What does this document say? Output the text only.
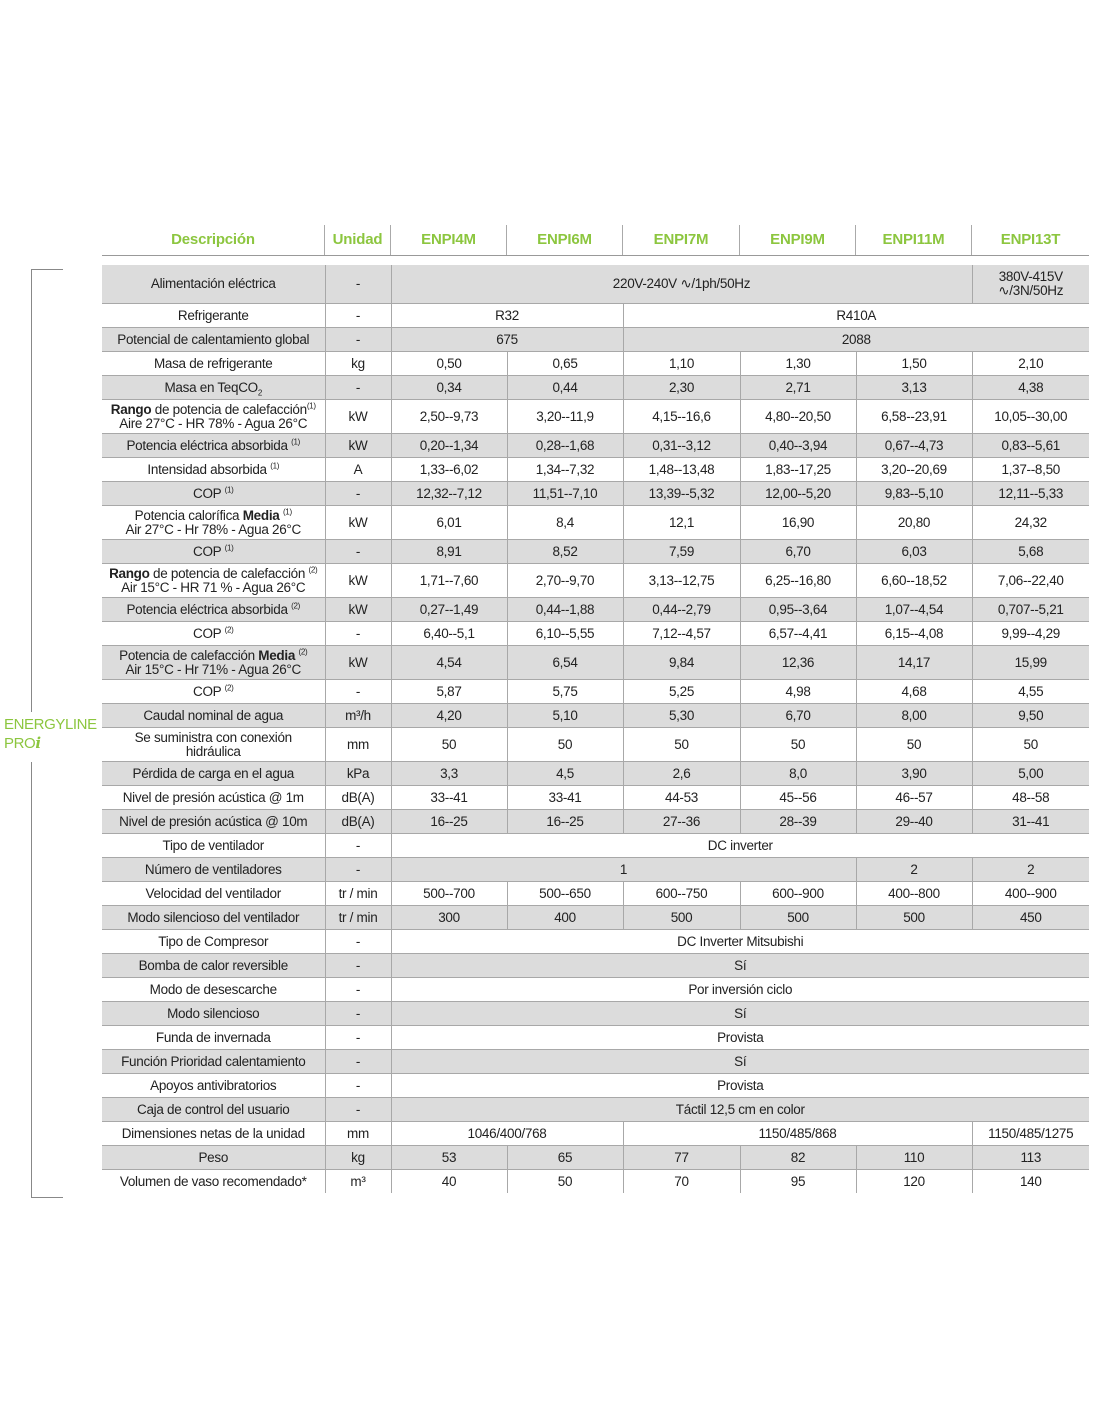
Descripción	Unidad	ENPI4M	ENPI6M	ENPI7M	ENPI9M	ENPI11M	ENPI13T
ENERGYLINE
PROi
Alimentación eléctrica	-	220V-240V ∿/1ph/50Hz					380V-415V
∿/3N/50Hz
Refrigerante	-	R32		R410A			
Potencial de calentamiento global	-	675		2088			
Masa de refrigerante	kg	0,50	0,65	1,10	1,30	1,50	2,10
Masa en TeqCO$_2$	-	0,34	0,44	2,30	2,71	3,13	4,38
Rango de potencia de calefacción$^{(1)}$
Aire 27°C - HR 78% - Agua 26°C	kW	2,50--9,73	3,20--11,9	4,15--16,6	4,80--20,50	6,58--23,91	10,05--30,00
Potencia eléctrica absorbida $^{(1)}$	kW	0,20--1,34	0,28--1,68	0,31--3,12	0,40--3,94	0,67--4,73	0,83--5,61
Intensidad absorbida $^{(1)}$	A	1,33--6,02	1,34--7,32	1,48--13,48	1,83--17,25	3,20--20,69	1,37--8,50
COP $^{(1)}$	-	12,32--7,12	11,51--7,10	13,39--5,32	12,00--5,20	9,83--5,10	12,11--5,33
Potencia calorífica Media $^{(1)}$
Air 27°C - Hr 78% - Agua 26°C	kW	6,01	8,4	12,1	16,90	20,80	24,32
COP $^{(1)}$	-	8,91	8,52	7,59	6,70	6,03	5,68
Rango de potencia de calefacción $^{(2)}$
Air 15°C - HR 71 % - Agua 26°C	kW	1,71--7,60	2,70--9,70	3,13--12,75	6,25--16,80	6,60--18,52	7,06--22,40
Potencia eléctrica absorbida $^{(2)}$	kW	0,27--1,49	0,44--1,88	0,44--2,79	0,95--3,64	1,07--4,54	0,707--5,21
COP $^{(2)}$	-	6,40--5,1	6,10--5,55	7,12--4,57	6,57--4,41	6,15--4,08	9,99--4,29
Potencia de calefacción Media $^{(2)}$
Air 15°C - Hr 71% - Agua 26°C	kW	4,54	6,54	9,84	12,36	14,17	15,99
COP $^{(2)}$	-	5,87	5,75	5,25	4,98	4,68	4,55
Caudal nominal de agua	m³/h	4,20	5,10	5,30	6,70	8,00	9,50
Se suministra con conexión
hidráulica	mm	50	50	50	50	50	50
Pérdida de carga en el agua	kPa	3,3	4,5	2,6	8,0	3,90	5,00
Nivel de presión acústica @ 1m	dB(A)	33--41	33-41	44-53	45--56	46--57	48--58
Nivel de presión acústica @ 10m	dB(A)	16--25	16--25	27--36	28--39	29--40	31--41
Tipo de ventilador	-	DC inverter					
Número de ventiladores	-	1				2	2
Velocidad del ventilador	tr / min	500--700	500--650	600--750	600--900	400--800	400--900
Modo silencioso del ventilador	tr / min	300	400	500	500	500	450
Tipo de Compresor	-	DC Inverter Mitsubishi					
Bomba de calor reversible	-	Sí					
Modo de desescarche	-	Por inversión ciclo					
Modo silencioso	-	Sí					
Funda de invernada	-	Provista					
Función Prioridad calentamiento	-	Sí					
Apoyos antivibratorios	-	Provista					
Caja de control del usuario	-	Táctil 12,5 cm en color					
Dimensiones netas de la unidad	mm	1046/400/768		1150/485/868			1150/485/1275
Peso	kg	53	65	77	82	110	113
Volumen de vaso recomendado*	m³	40	50	70	95	120	140
